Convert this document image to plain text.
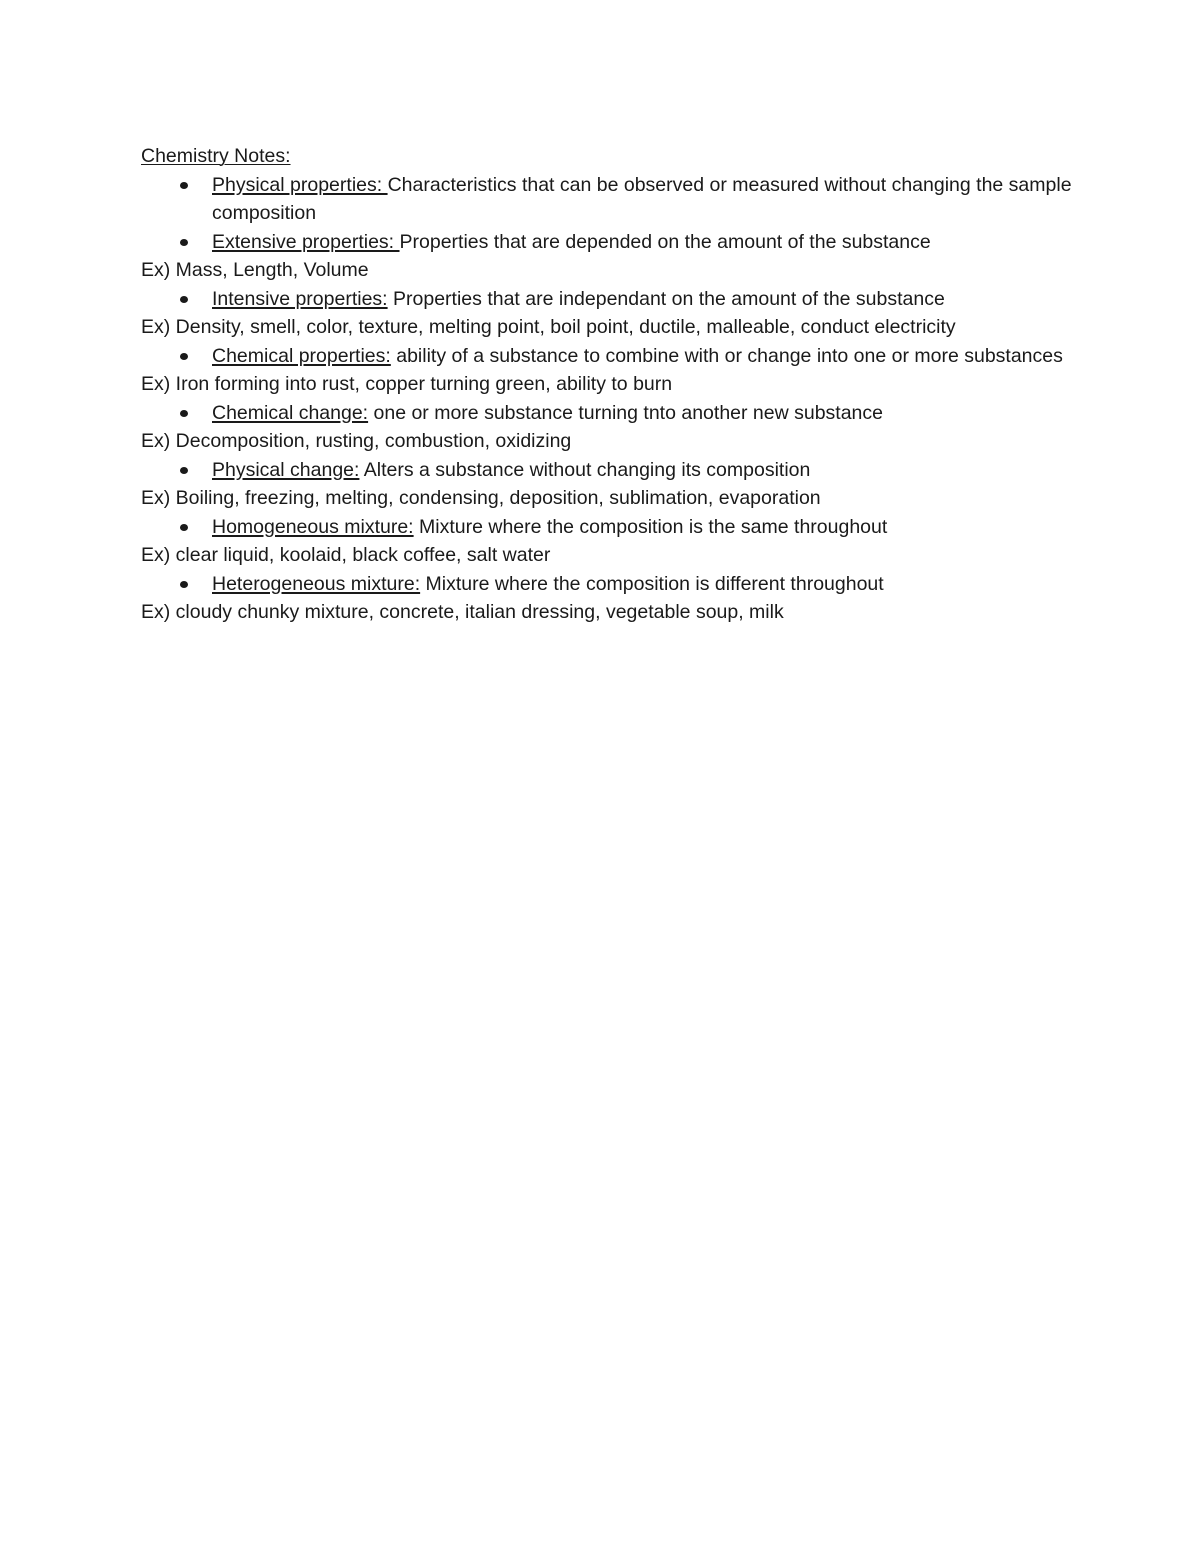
Chemistry Notes:
Physical properties: Characteristics that can be observed or measured without changing the sample composition
Extensive properties: Properties that are depended on the amount of the substance

Ex) Mass, Length, Volume

Intensive properties: Properties that are independant on the amount of the substance

Ex) Density, smell, color, texture, melting point, boil point, ductile, malleable, conduct electricity

Chemical properties: ability of a substance to combine with or change into one or more substances

Ex) Iron forming into rust, copper turning green, ability to burn

Chemical change: one or more substance turning tnto another new substance

Ex) Decomposition, rusting, combustion, oxidizing

Physical change: Alters a substance without changing its composition

Ex) Boiling, freezing, melting, condensing, deposition, sublimation, evaporation

Homogeneous mixture: Mixture where the composition is the same throughout

Ex) clear liquid, koolaid, black coffee, salt water

Heterogeneous mixture: Mixture where the composition is different throughout

Ex) cloudy chunky mixture, concrete, italian dressing, vegetable soup, milk
